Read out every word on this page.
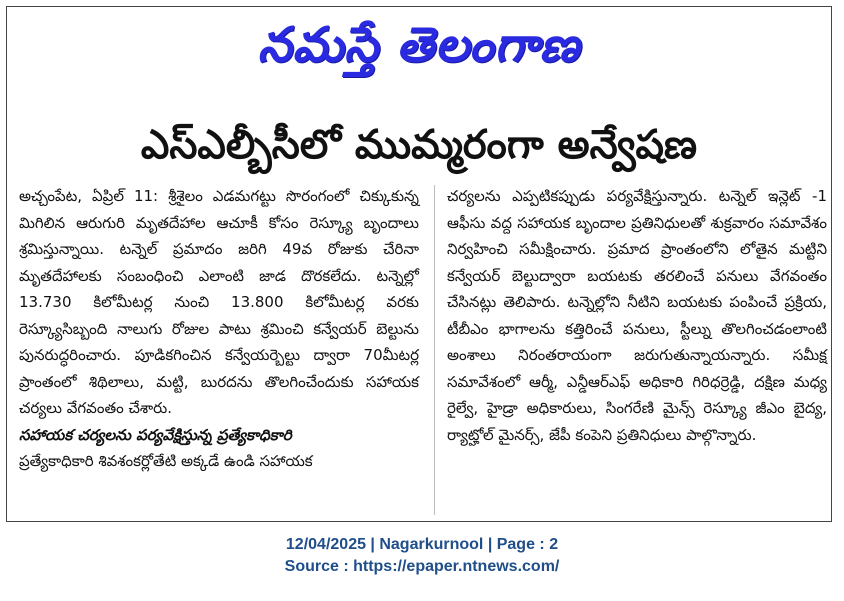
నమస్తే తెలంగాణ
ఎస్ఎల్బీసీలో ముమ్మరంగా అన్వేషణ

అచ్చంపేట, ఏప్రిల్ 11: శ్రీశైలం ఎడమగట్టు సొరంగంలో చిక్కుకున్న మిగిలిన ఆరుగురి మృతదేహాల ఆచూకీ కోసం రెస్క్యూ బృందాలు శ్రమిస్తున్నాయి. టన్నెల్ ప్రమాదం జరిగి 49వ రోజుకు చేరినా మృతదేహాలకు సంబంధించి ఎలాంటి జాడ దొరకలేదు. టన్నెల్లో 13.730 కిలోమీటర్ల నుంచి 13.800 కిలోమీటర్ల వరకు రెస్క్యూసిబ్బంది నాలుగు రోజుల పాటు శ్రమించి కన్వేయర్ బెల్టును పునరుద్ధరించారు. పూడికగించిన కన్వేయర్బెల్టు ద్వారా 70మీటర్ల ప్రాంతంలో శిథిలాలు, మట్టి, బురదను తొలగించేందుకు సహాయక చర్యలు వేగవంతం చేశారు.

సహాయక చర్యలను పర్యవేక్షిస్తున్న ప్రత్యేకాధికారి

ప్రత్యేకాధికారి శివశంకర్లోతేటి అక్కడే ఉండి సహాయక

చర్యలను ఎప్పటికప్పుడు పర్యవేక్షిస్తున్నారు. టన్నెల్ ఇన్లెట్ -1 ఆఫీసు వద్ద సహాయక బృందాల ప్రతినిధులతో శుక్రవారం సమావేశం నిర్వహించి సమీక్షించారు. ప్రమాద ప్రాంతంలోని లోతైన మట్టిని కన్వేయర్ బెల్టుద్వారా బయటకు తరలించే పనులు వేగవంతం చేసినట్లు తెలిపారు. టన్నెల్లోని నీటిని బయటకు పంపించే ప్రక్రియ, టీబీఎం భాగాలను కత్తిరించే పనులు, స్టీల్ను తొలగించడంలాంటి అంశాలు నిరంతరాయంగా జరుగుతున్నాయన్నారు. సమీక్ష సమావేశంలో ఆర్మీ, ఎన్డీఆర్ఎఫ్ అధికారి గిరిధర్రెడ్డి, దక్షిణ మధ్య రైల్వే, హైడ్రా అధికారులు, సింగరేణి మైన్స్ రెస్క్యూ జీఎం బైద్య, ర్యాట్హోల్ మైనర్స్, జేపీ కంపెని ప్రతినిధులు పాల్గొన్నారు.

12/04/2025 | Nagarkurnool | Page : 2
Source : https://epaper.ntnews.com/
